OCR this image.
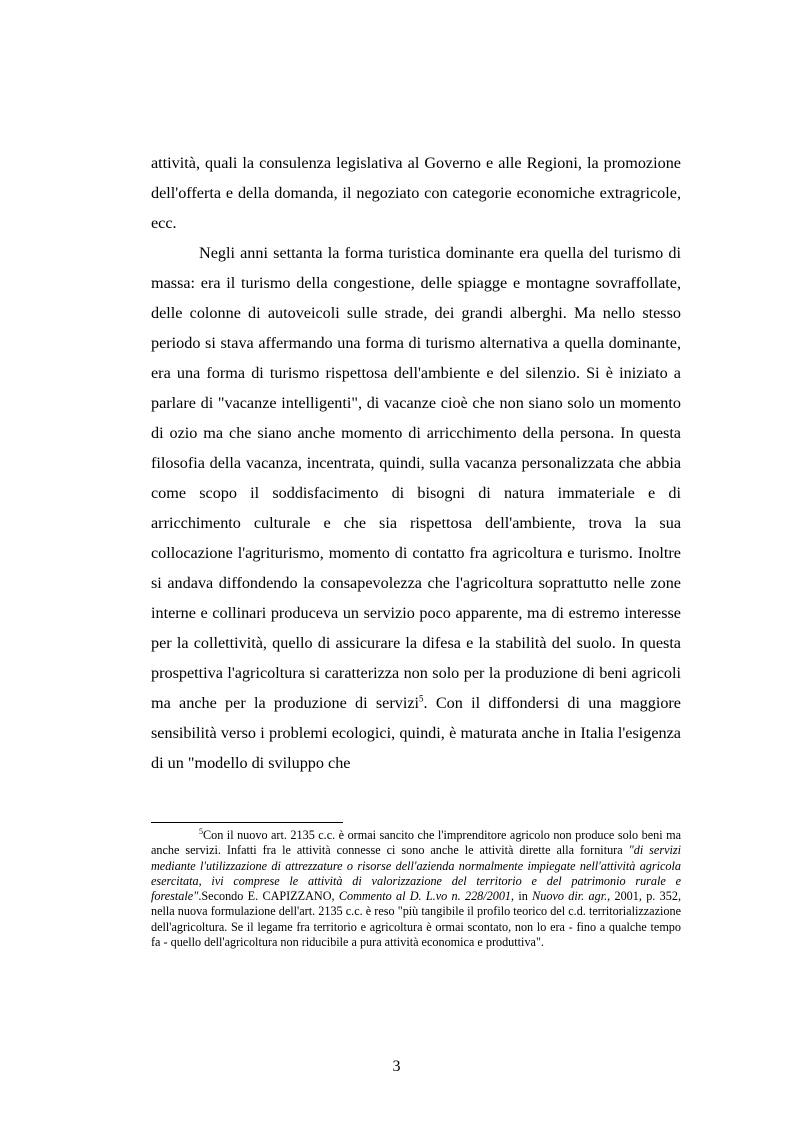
attività, quali la consulenza legislativa al Governo e alle Regioni, la promozione dell'offerta e della domanda, il negoziato con categorie economiche extragricole, ecc.

Negli anni settanta la forma turistica dominante era quella del turismo di massa: era il turismo della congestione, delle spiagge e montagne sovraffollate, delle colonne di autoveicoli sulle strade, dei grandi alberghi. Ma nello stesso periodo si stava affermando una forma di turismo alternativa a quella dominante, era una forma di turismo rispettosa dell'ambiente e del silenzio. Si è iniziato a parlare di "vacanze intelligenti", di vacanze cioè che non siano solo un momento di ozio ma che siano anche momento di arricchimento della persona. In questa filosofia della vacanza, incentrata, quindi, sulla vacanza personalizzata che abbia come scopo il soddisfacimento di bisogni di natura immateriale e di arricchimento culturale e che sia rispettosa dell'ambiente, trova la sua collocazione l'agriturismo, momento di contatto fra agricoltura e turismo. Inoltre si andava diffondendo la consapevolezza che l'agricoltura soprattutto nelle zone interne e collinari produceva un servizio poco apparente, ma di estremo interesse per la collettività, quello di assicurare la difesa e la stabilità del suolo. In questa prospettiva l'agricoltura si caratterizza non solo per la produzione di beni agricoli ma anche per la produzione di servizi$^5$. Con il diffondersi di una maggiore sensibilità verso i problemi ecologici, quindi, è maturata anche in Italia l'esigenza di un "modello di sviluppo che

$^5$Con il nuovo art. 2135 c.c. è ormai sancito che l'imprenditore agricolo non produce solo beni ma anche servizi. Infatti fra le attività connesse ci sono anche le attività dirette alla fornitura "di servizi mediante l'utilizzazione di attrezzature o risorse dell'azienda normalmente impiegate nell'attività agricola esercitata, ivi comprese le attività di valorizzazione del territorio e del patrimonio rurale e forestale".Secondo E. CAPIZZANO, Commento al D. L.vo n. 228/2001, in Nuovo dir. agr., 2001, p. 352, nella nuova formulazione dell'art. 2135 c.c. è reso "più tangibile il profilo teorico del c.d. territorializzazione dell'agricoltura. Se il legame fra territorio e agricoltura è ormai scontato, non lo era - fino a qualche tempo fa - quello dell'agricoltura non riducibile a pura attività economica e produttiva".

3
